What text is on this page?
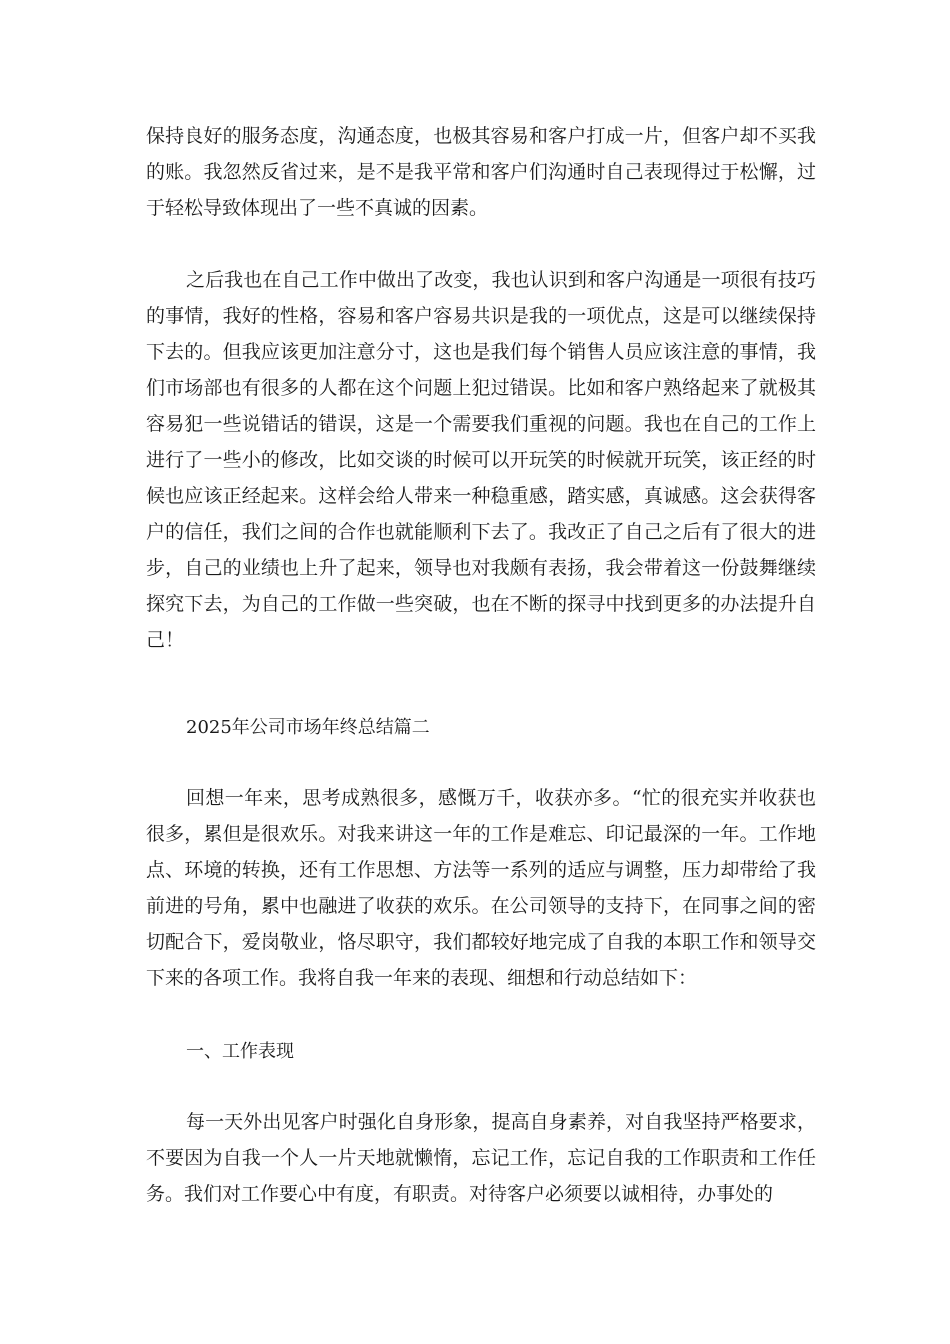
保持良好的服务态度，沟通态度，也极其容易和客户打成一片，但客户却不买我的账。我忽然反省过来，是不是我平常和客户们沟通时自己表现得过于松懈，过于轻松导致体现出了一些不真诚的因素。

之后我也在自己工作中做出了改变，我也认识到和客户沟通是一项很有技巧的事情，我好的性格，容易和客户容易共识是我的一项优点，这是可以继续保持下去的。但我应该更加注意分寸，这也是我们每个销售人员应该注意的事情，我们市场部也有很多的人都在这个问题上犯过错误。比如和客户熟络起来了就极其容易犯一些说错话的错误，这是一个需要我们重视的问题。我也在自己的工作上进行了一些小的修改，比如交谈的时候可以开玩笑的时候就开玩笑，该正经的时候也应该正经起来。这样会给人带来一种稳重感，踏实感，真诚感。这会获得客户的信任，我们之间的合作也就能顺利下去了。我改正了自己之后有了很大的进步，自己的业绩也上升了起来，领导也对我颇有表扬，我会带着这一份鼓舞继续探究下去，为自己的工作做一些突破，也在不断的探寻中找到更多的办法提升自己！

2025年公司市场年终总结篇二

回想一年来，思考成熟很多，感慨万千，收获亦多。“忙的很充实并收获也很多，累但是很欢乐。对我来讲这一年的工作是难忘、印记最深的一年。工作地点、环境的转换，还有工作思想、方法等一系列的适应与调整，压力却带给了我前进的号角，累中也融进了收获的欢乐。在公司领导的支持下，在同事之间的密切配合下，爱岗敬业，恪尽职守，我们都较好地完成了自我的本职工作和领导交下来的各项工作。我将自我一年来的表现、细想和行动总结如下：

一、工作表现

每一天外出见客户时强化自身形象，提高自身素养，对自我坚持严格要求，不要因为自我一个人一片天地就懒惰，忘记工作，忘记自我的工作职责和工作任务。我们对工作要心中有度，有职责。对待客户必须要以诚相待，办事处的
